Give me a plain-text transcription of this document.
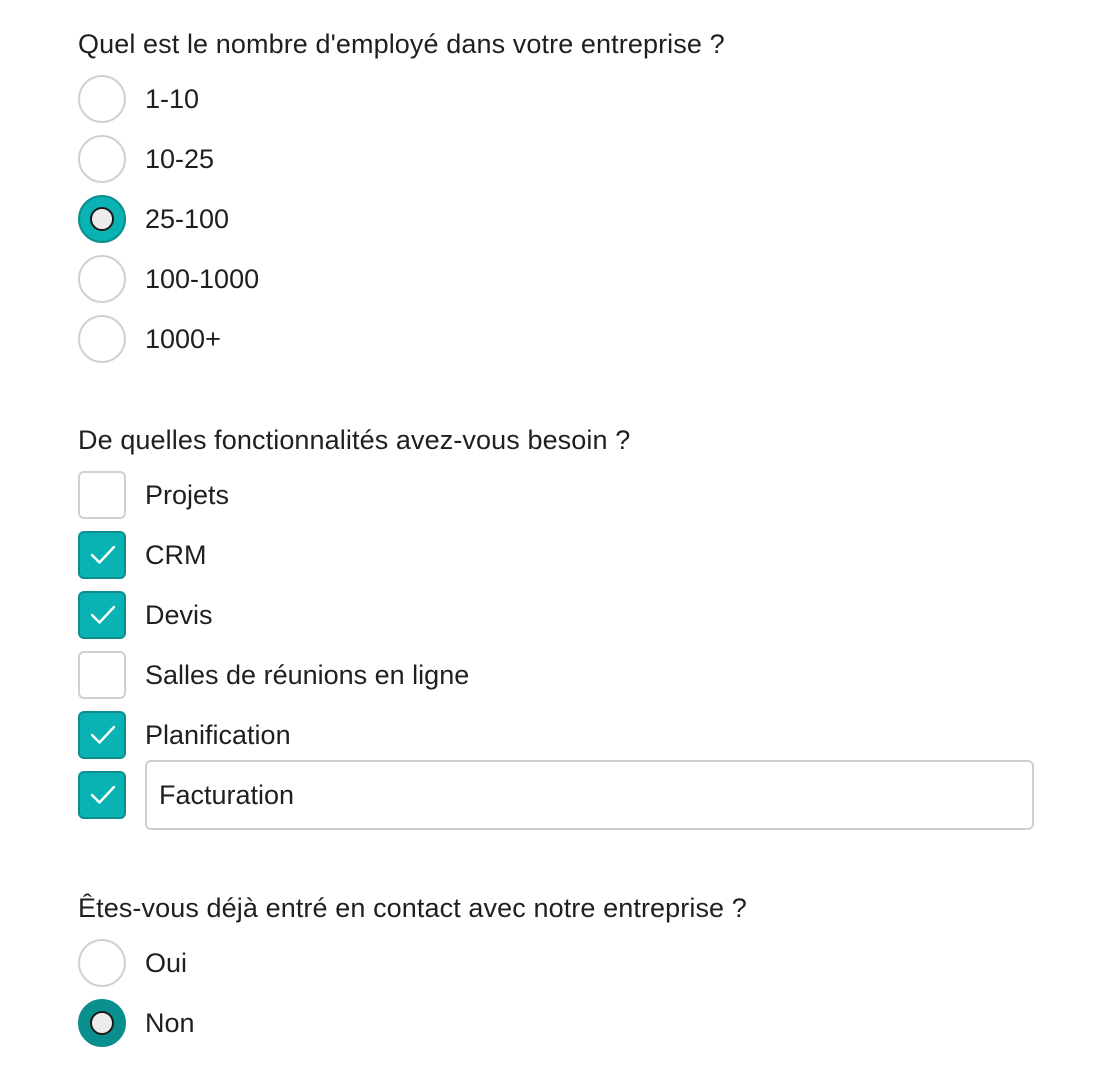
Quel est le nombre d'employé dans votre entreprise ?
1-10
10-25
25-100
100-1000
1000+
De quelles fonctionnalités avez-vous besoin ?
Projets
CRM
Devis
Salles de réunions en ligne
Planification
Facturation
Êtes-vous déjà entré en contact avec notre entreprise ?
Oui
Non
